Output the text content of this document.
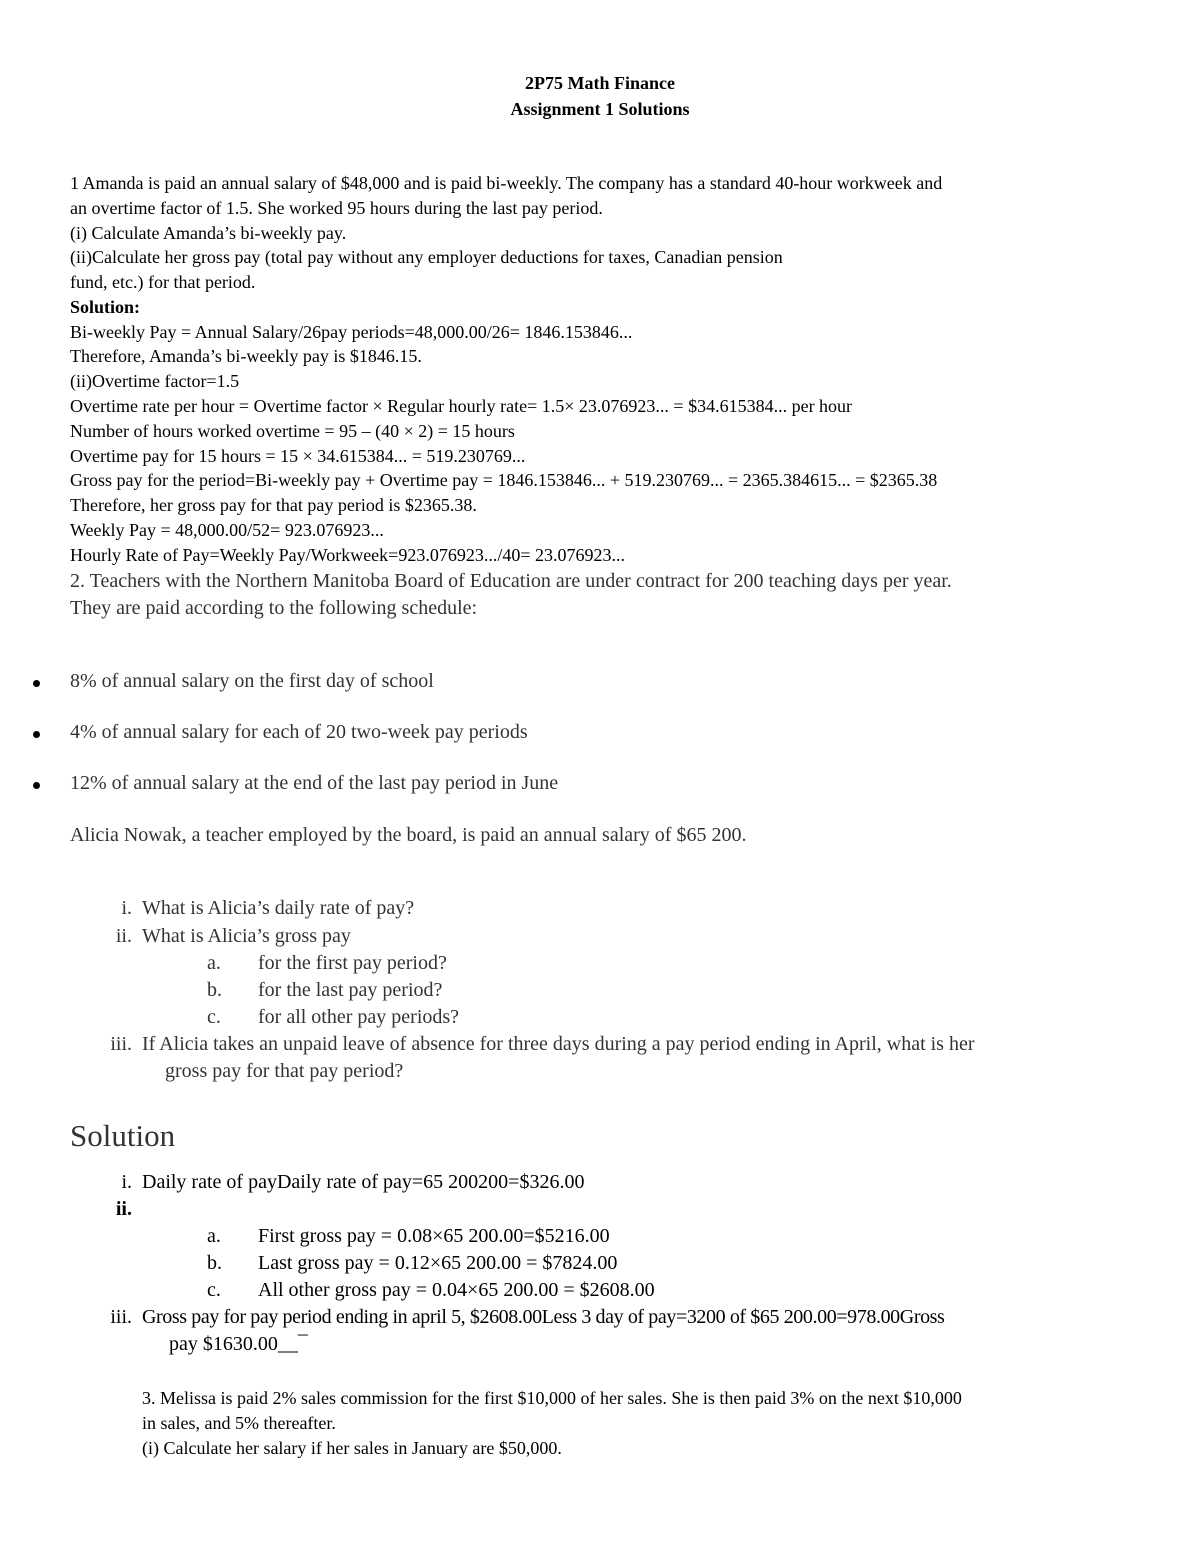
2P75 Math Finance
Assignment 1 Solutions
1 Amanda is paid an annual salary of $48,000 and is paid bi-weekly. The company has a standard 40-hour workweek and
an overtime factor of 1.5. She worked 95 hours during the last pay period.
(i) Calculate Amanda’s bi-weekly pay.
(ii)Calculate her gross pay (total pay without any employer deductions for taxes, Canadian pension
fund, etc.) for that period.
Solution:
Bi-weekly Pay = Annual Salary/26pay periods=48,000.00/26= 1846.153846...
Therefore, Amanda’s bi-weekly pay is $1846.15.
(ii)Overtime factor=1.5
Overtime rate per hour = Overtime factor × Regular hourly rate= 1.5× 23.076923... = $34.615384... per hour
Number of hours worked overtime = 95 – (40 × 2) = 15 hours
Overtime pay for 15 hours = 15 × 34.615384... = 519.230769...
Gross pay for the period=Bi-weekly pay + Overtime pay = 1846.153846... + 519.230769... = 2365.384615... = $2365.38
Therefore, her gross pay for that pay period is $2365.38.
Weekly Pay = 48,000.00/52= 923.076923...
Hourly Rate of Pay=Weekly Pay/Workweek=923.076923.../40= 23.076923...
2. Teachers with the Northern Manitoba Board of Education are under contract for 200 teaching days per year.
They are paid according to the following schedule:
8% of annual salary on the first day of school
4% of annual salary for each of 20 two-week pay periods
12% of annual salary at the end of the last pay period in June
Alicia Nowak, a teacher employed by the board, is paid an annual salary of $65 200.
i. What is Alicia’s daily rate of pay?
ii. What is Alicia’s gross pay
a. for the first pay period?
b. for the last pay period?
c. for all other pay periods?
iii. If Alicia takes an unpaid leave of absence for three days during a pay period ending in April, what is her
gross pay for that pay period?
Solution
i. Daily rate of payDaily rate of pay=65 200200=$326.00
ii.
a. First gross pay = 0.08×65 200.00=$5216.00
b. Last gross pay = 0.12×65 200.00 = $7824.00
c. All other gross pay = 0.04×65 200.00 = $2608.00
iii. Gross pay for pay period ending in april 5, $2608.00Less 3 day of pay=3200 of $65 200.00=978.00Gross
pay $1630.00__¯
3. Melissa is paid 2% sales commission for the first $10,000 of her sales. She is then paid 3% on the next $10,000
in sales, and 5% thereafter.
(i) Calculate her salary if her sales in January are $50,000.
